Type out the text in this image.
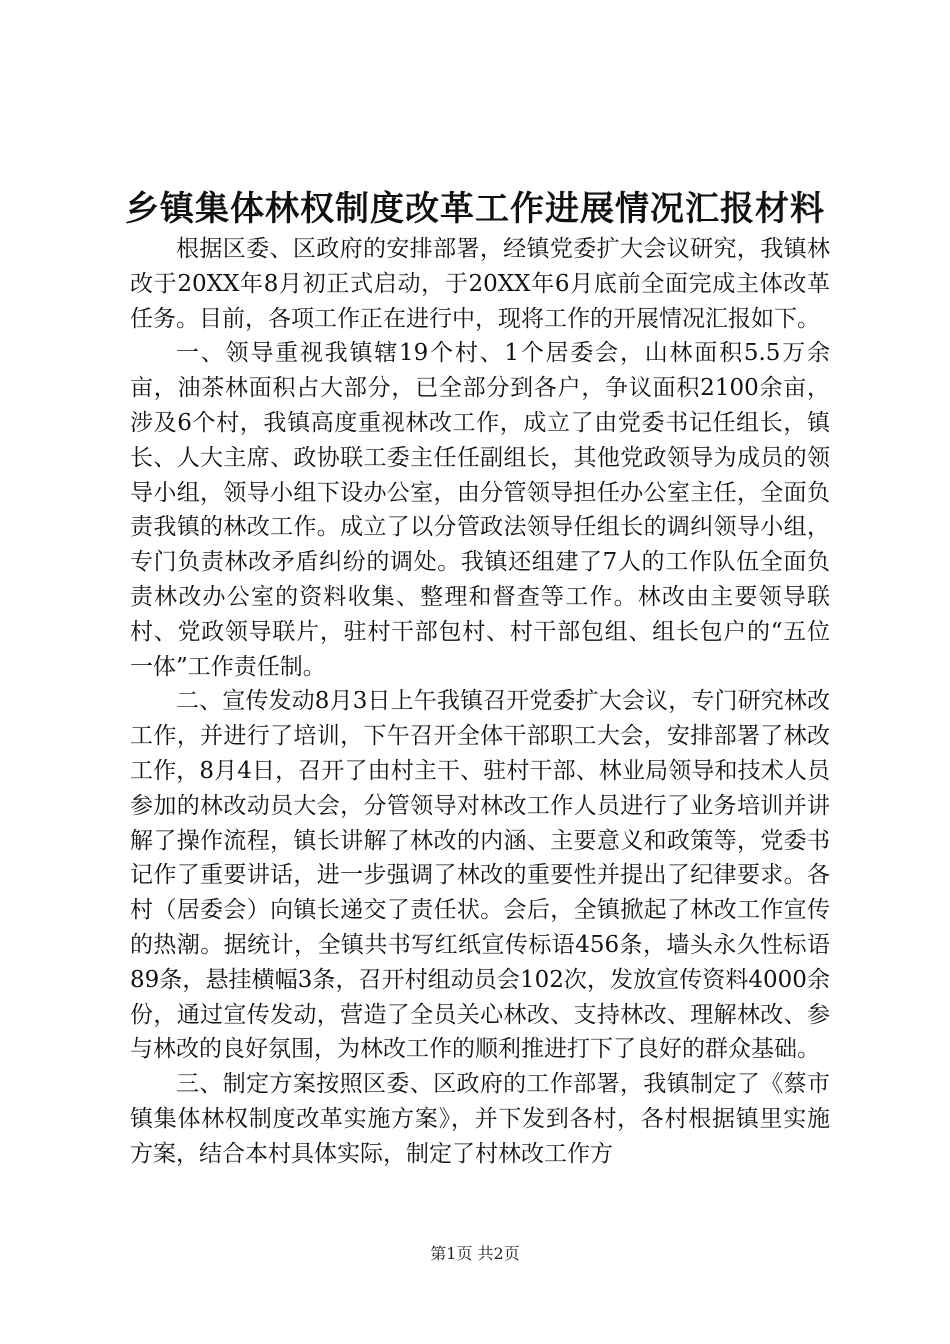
乡镇集体林权制度改革工作进展情况汇报材料

根据区委、区政府的安排部署，经镇党委扩大会议研究，我镇林改于20XX年8月初正式启动，于20XX年6月底前全面完成主体改革任务。目前，各项工作正在进行中，现将工作的开展情况汇报如下。

一、领导重视我镇辖19个村、1个居委会，山林面积5.5万余亩，油茶林面积占大部分，已全部分到各户，争议面积2100余亩，涉及6个村，我镇高度重视林改工作，成立了由党委书记任组长，镇长、人大主席、政协联工委主任任副组长，其他党政领导为成员的领导小组，领导小组下设办公室，由分管领导担任办公室主任，全面负责我镇的林改工作。成立了以分管政法领导任组长的调纠领导小组，专门负责林改矛盾纠纷的调处。我镇还组建了7人的工作队伍全面负责林改办公室的资料收集、整理和督查等工作。林改由主要领导联村、党政领导联片，驻村干部包村、村干部包组、组长包户的“五位一体”工作责任制。

二、宣传发动8月3日上午我镇召开党委扩大会议，专门研究林改工作，并进行了培训，下午召开全体干部职工大会，安排部署了林改工作，8月4日，召开了由村主干、驻村干部、林业局领导和技术人员参加的林改动员大会，分管领导对林改工作人员进行了业务培训并讲解了操作流程，镇长讲解了林改的内涵、主要意义和政策等，党委书记作了重要讲话，进一步强调了林改的重要性并提出了纪律要求。各村（居委会）向镇长递交了责任状。会后，全镇掀起了林改工作宣传的热潮。据统计，全镇共书写红纸宣传标语456条，墙头永久性标语89条，悬挂横幅3条，召开村组动员会102次，发放宣传资料4000余份，通过宣传发动，营造了全员关心林改、支持林改、理解林改、参与林改的良好氛围，为林改工作的顺利推进打下了良好的群众基础。

三、制定方案按照区委、区政府的工作部署，我镇制定了《蔡市镇集体林权制度改革实施方案》，并下发到各村，各村根据镇里实施方案，结合本村具体实际，制定了村林改工作方

第1页 共2页
